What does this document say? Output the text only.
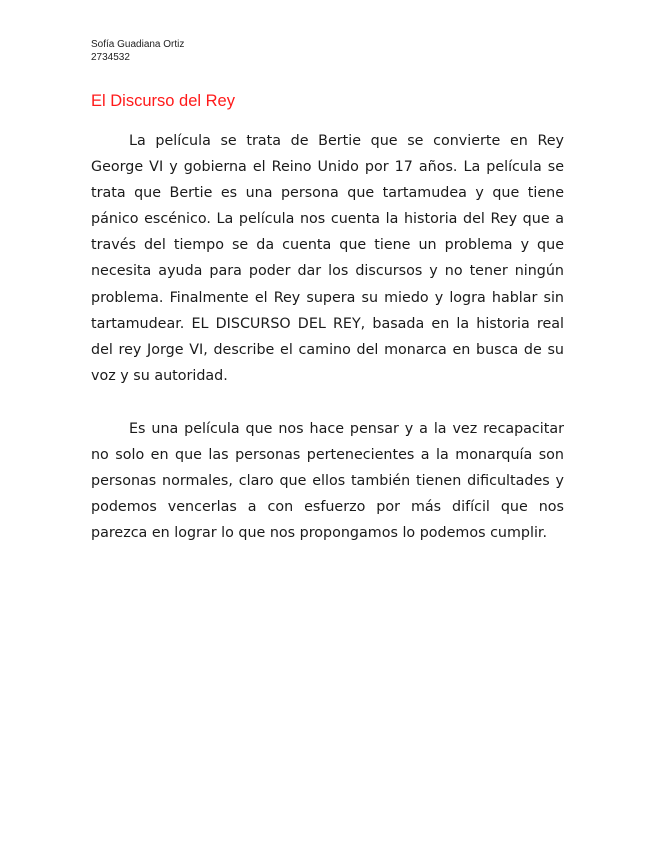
Sofía Guadiana Ortiz
2734532
El Discurso del Rey

La película se trata de Bertie que se convierte en Rey George VI y gobierna el Reino Unido por 17 años. La película se trata que Bertie es una persona que tartamudea y que tiene pánico escénico. La película nos cuenta la historia del Rey que a través del tiempo se da cuenta que tiene un problema y que necesita ayuda para poder dar los discursos y no tener ningún problema. Finalmente el Rey supera su miedo y logra hablar sin tartamudear. EL DISCURSO DEL REY, basada en la historia real del rey Jorge VI, describe el camino del monarca en busca de su voz y su autoridad.

Es una película que nos hace pensar y a la vez recapacitar no solo en que las personas pertenecientes a la monarquía son personas normales, claro que ellos también tienen dificultades y podemos vencerlas a con esfuerzo por más difícil que nos parezca en lograr lo que nos propongamos lo podemos cumplir.
